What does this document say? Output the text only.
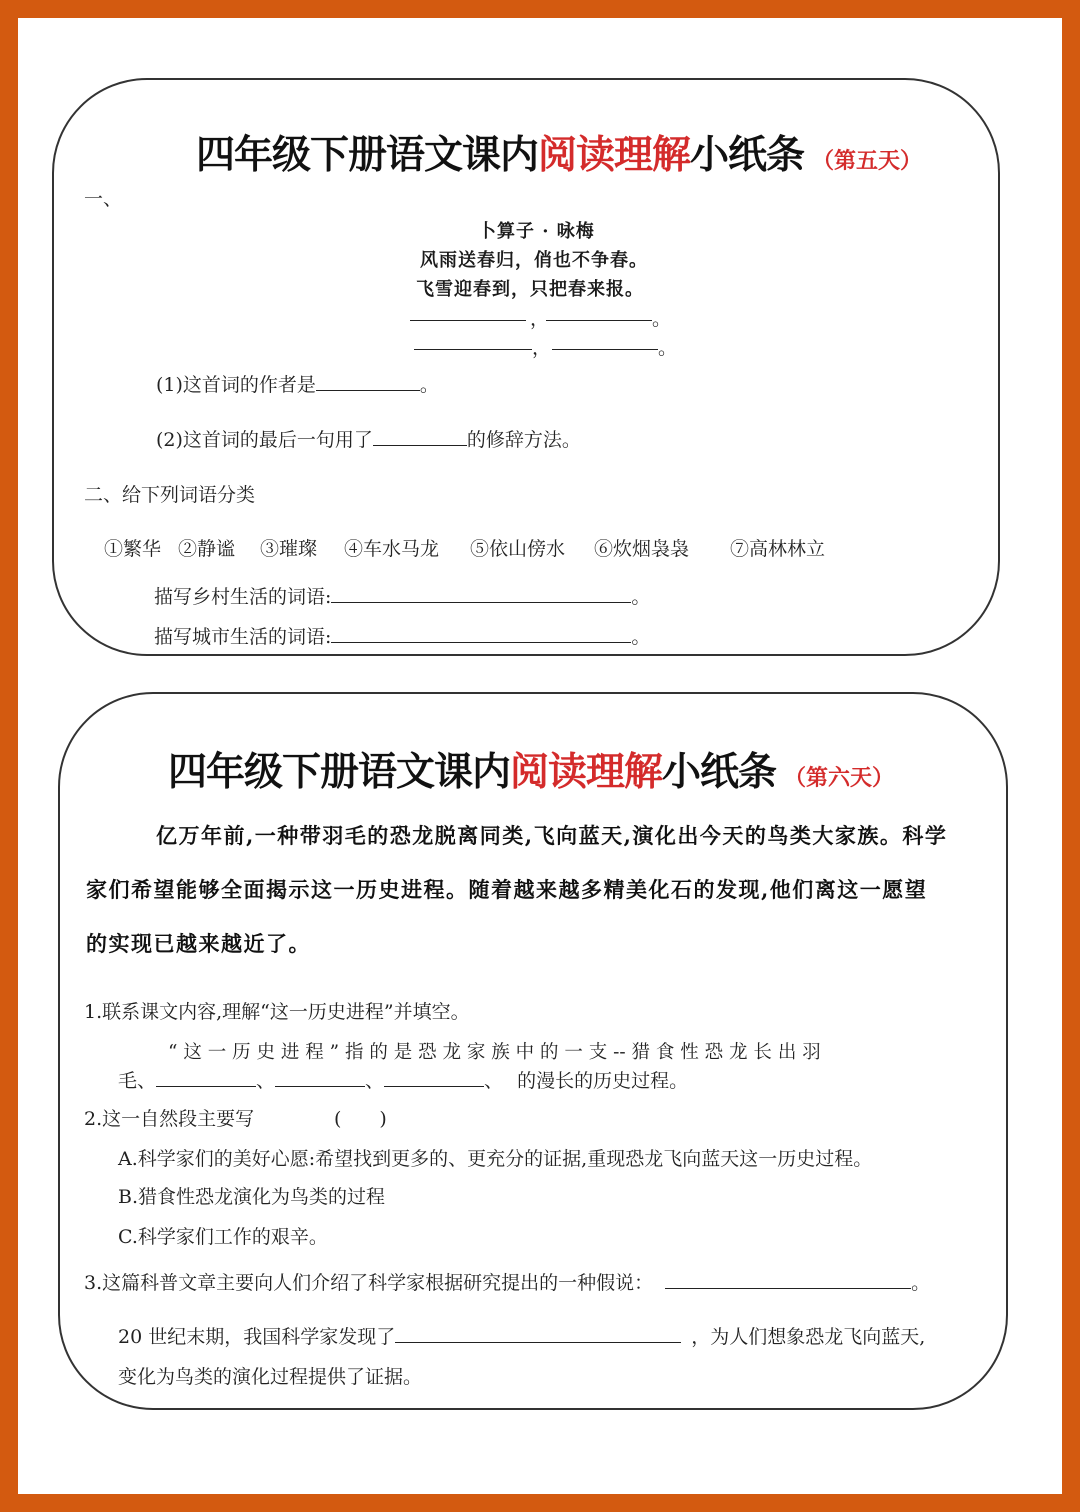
四年级下册语文课内阅读理解小纸条 （第五天）
一、
卜算子 · 咏梅
风雨送春归，俏也不争春。
飞雪迎春到，只把春来报。
，	。
，	。
(1)这首词的作者是	。
(2)这首词的最后一句用了	的修辞方法。
二、给下列词语分类
①繁华 ②静谧 ③璀璨 ④车水马龙 ⑤依山傍水 ⑥炊烟袅袅 ⑦高林林立
描写乡村生活的词语:	。
描写城市生活的词语:	。
四年级下册语文课内阅读理解小纸条 （第六天）
亿万年前,一种带羽毛的恐龙脱离同类,飞向蓝天,演化出今天的鸟类大家族。科学
家们希望能够全面揭示这一历史进程。随着越来越多精美化石的发现,他们离这一愿望
的实现已越来越近了。
1.联系课文内容,理解“这一历史进程”并填空。
“ 这 一 历 史 进 程 ” 指 的 是 恐 龙 家 族 中 的 一 支 -- 猎 食 性 恐 龙 长 出 羽
毛、	、	、	、 的漫长的历史过程。
2.这一自然段主要写	(　　)
A.科学家们的美好心愿:希望找到更多的、更充分的证据,重现恐龙飞向蓝天这一历史过程。
B.猎食性恐龙演化为鸟类的过程
C.科学家们工作的艰辛。
3.这篇科普文章主要向人们介绍了科学家根据研究提出的一种假说：	。
20 世纪末期，我国科学家发现了	，为人们想象恐龙飞向蓝天,
变化为鸟类的演化过程提供了证据。
